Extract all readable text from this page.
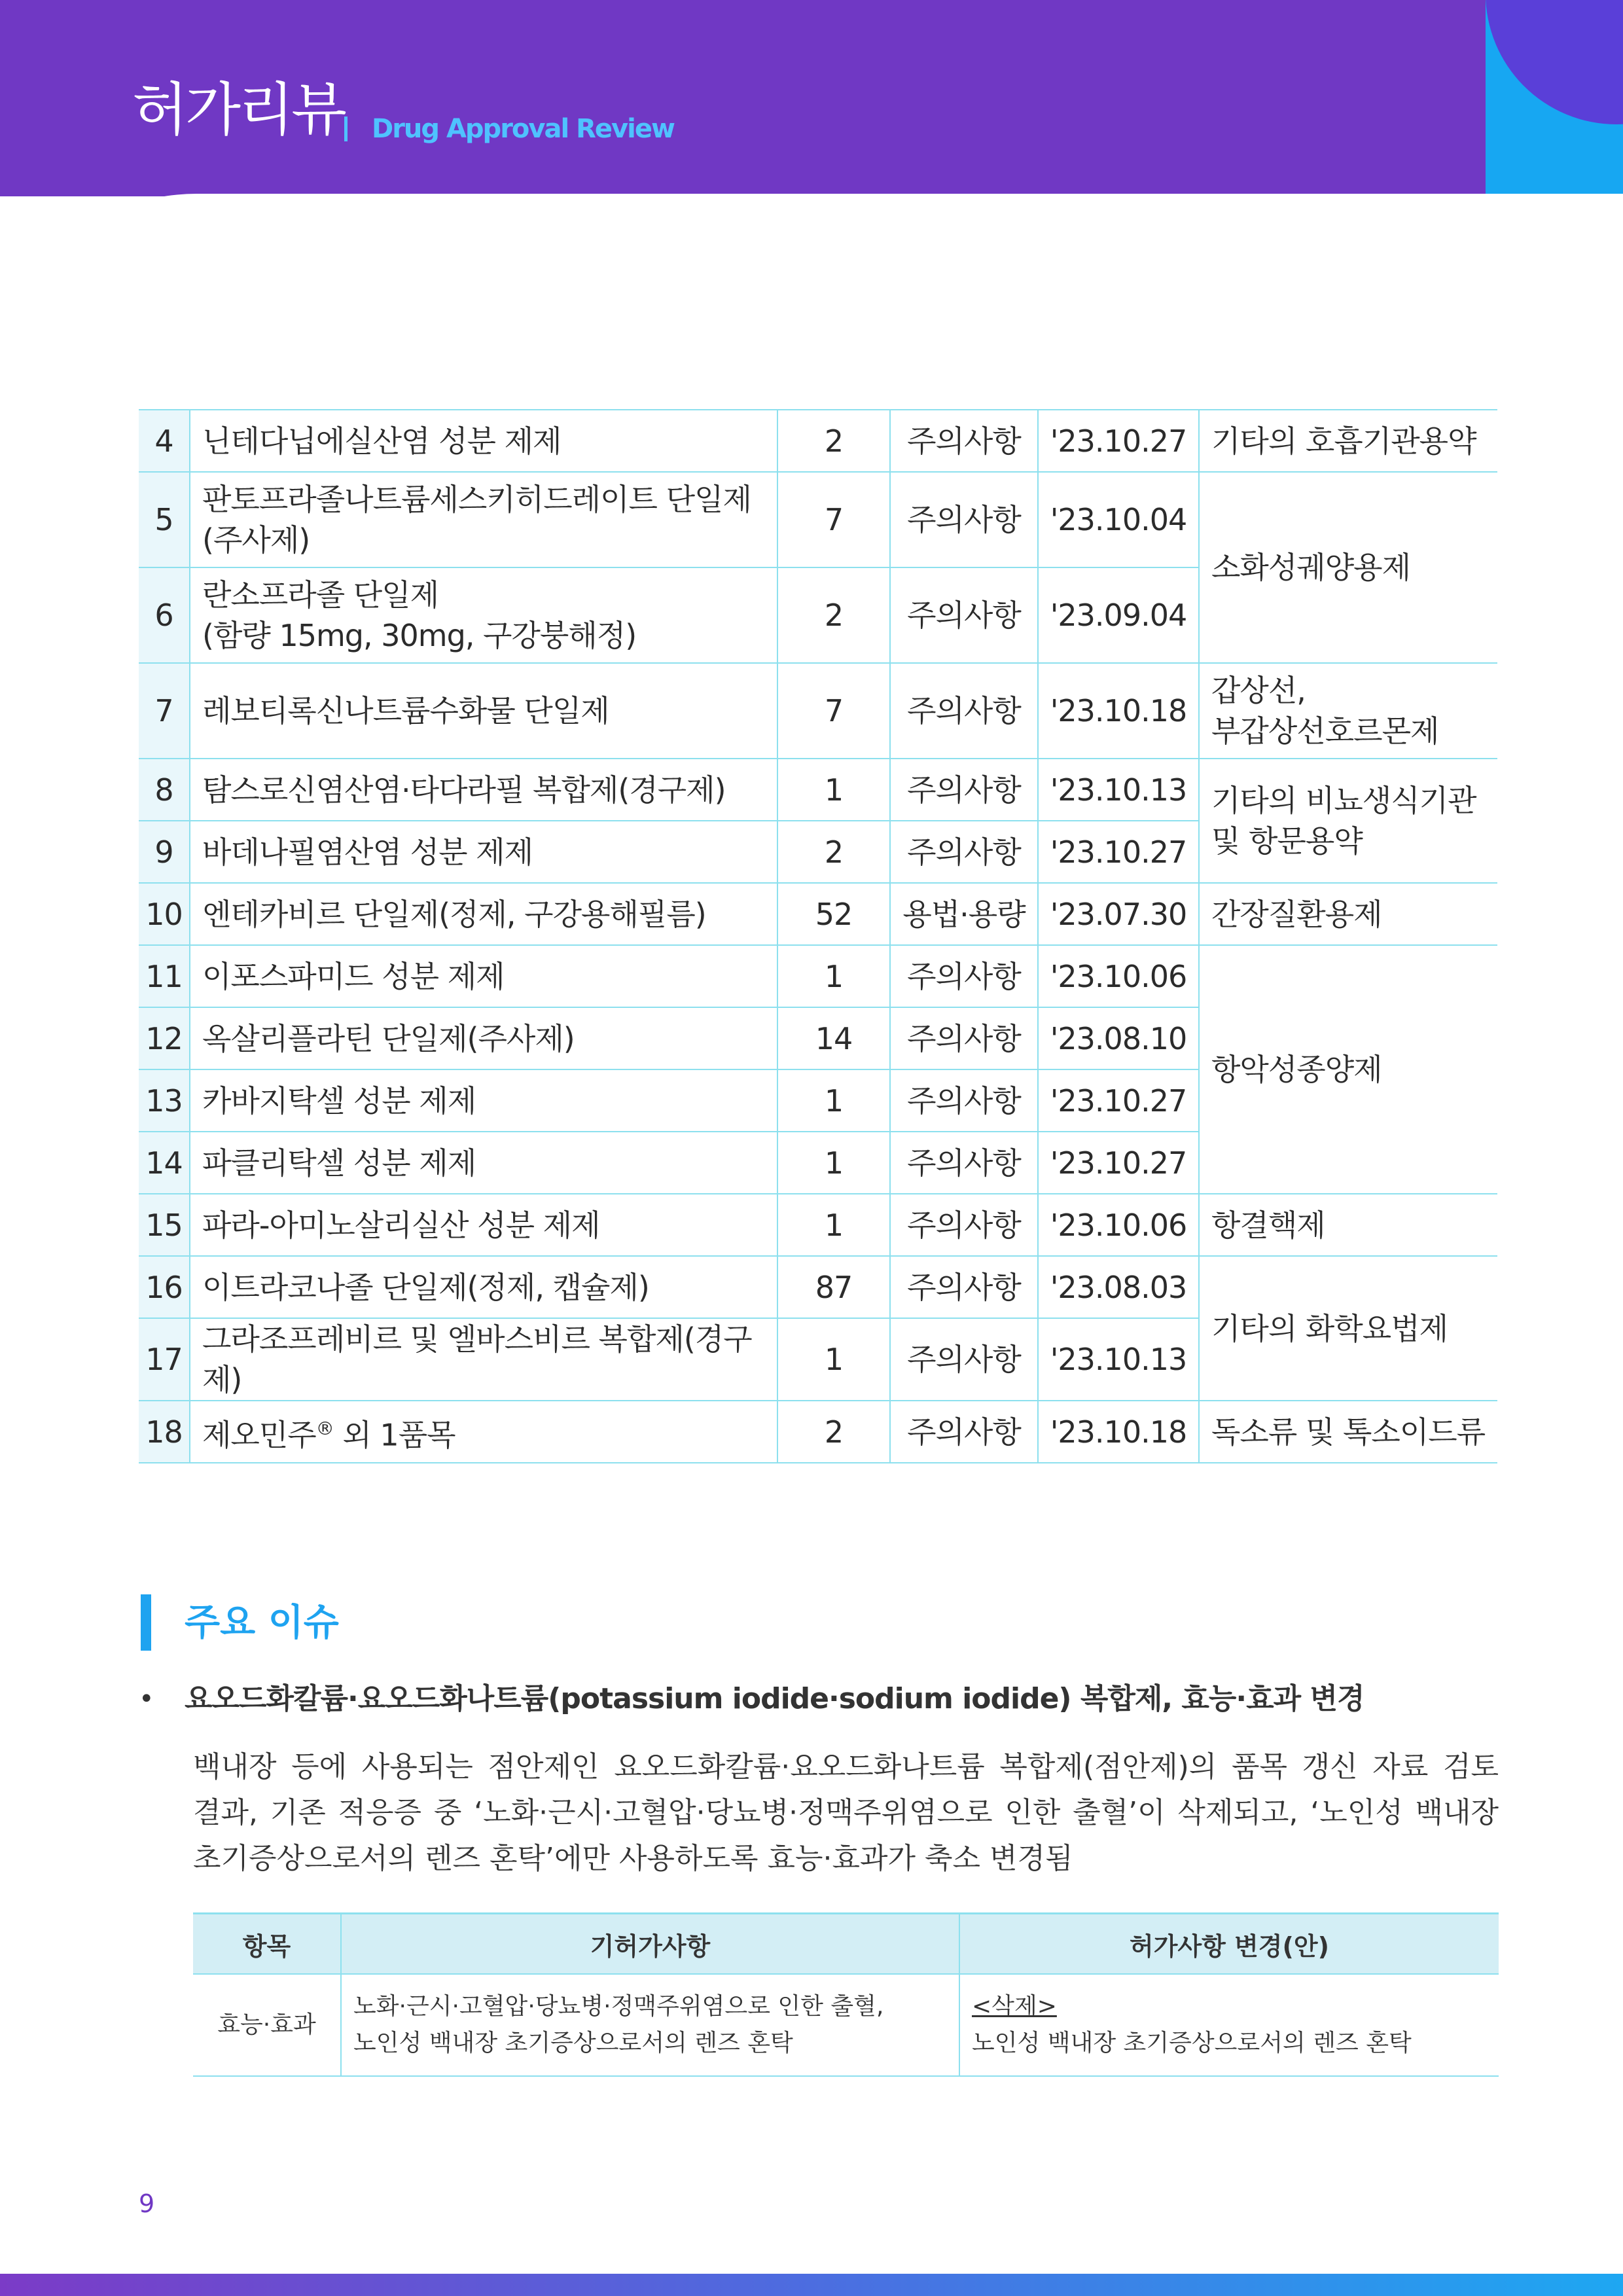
허가리뷰 Drug Approval Review
4	닌테다닙에실산염 성분 제제	2	주의사항	'23.10.27	기타의 호흡기관용약
5	판토프라졸나트륨세스키히드레이트 단일제
(주사제)	7	주의사항	'23.10.04	소화성궤양용제
6	란소프라졸 단일제
(함량 15mg, 30mg, 구강붕해정)	2	주의사항	'23.09.04	
7	레보티록신나트륨수화물 단일제	7	주의사항	'23.10.18	갑상선,
부갑상선호르몬제
8	탐스로신염산염·타다라필 복합제(경구제)	1	주의사항	'23.10.13	기타의 비뇨생식기관
및 항문용약
9	바데나필염산염 성분 제제	2	주의사항	'23.10.27	
10	엔테카비르 단일제(정제, 구강용해필름)	52	용법·용량	'23.07.30	간장질환용제
11	이포스파미드 성분 제제	1	주의사항	'23.10.06	항악성종양제
12	옥살리플라틴 단일제(주사제)	14	주의사항	'23.08.10	
13	카바지탁셀 성분 제제	1	주의사항	'23.10.27	
14	파클리탁셀 성분 제제	1	주의사항	'23.10.27	
15	파라-아미노살리실산 성분 제제	1	주의사항	'23.10.06	항결핵제
16	이트라코나졸 단일제(정제, 캡슐제)	87	주의사항	'23.08.03	기타의 화학요법제
17	그라조프레비르 및 엘바스비르 복합제(경구제)	1	주의사항	'23.10.13	
18	제오민주® 외 1품목	2	주의사항	'23.10.18	독소류 및 톡소이드류
주요 이슈
• 요오드화칼륨·요오드화나트륨(potassium iodide·sodium iodide) 복합제, 효능·효과 변경
백내장 등에 사용되는 점안제인 요오드화칼륨·요오드화나트륨 복합제(점안제)의 품목 갱신 자료 검토
결과, 기존 적응증 중 ‘노화·근시·고혈압·당뇨병·정맥주위염으로 인한 출혈’이 삭제되고, ‘노인성 백내장
초기증상으로서의 렌즈 혼탁’에만 사용하도록 효능·효과가 축소 변경됨
항목	기허가사항	허가사항 변경(안)
효능·효과	노화·근시·고혈압·당뇨병·정맥주위염으로 인한 출혈,
노인성 백내장 초기증상으로서의 렌즈 혼탁	<삭제>
노인성 백내장 초기증상으로서의 렌즈 혼탁
9
